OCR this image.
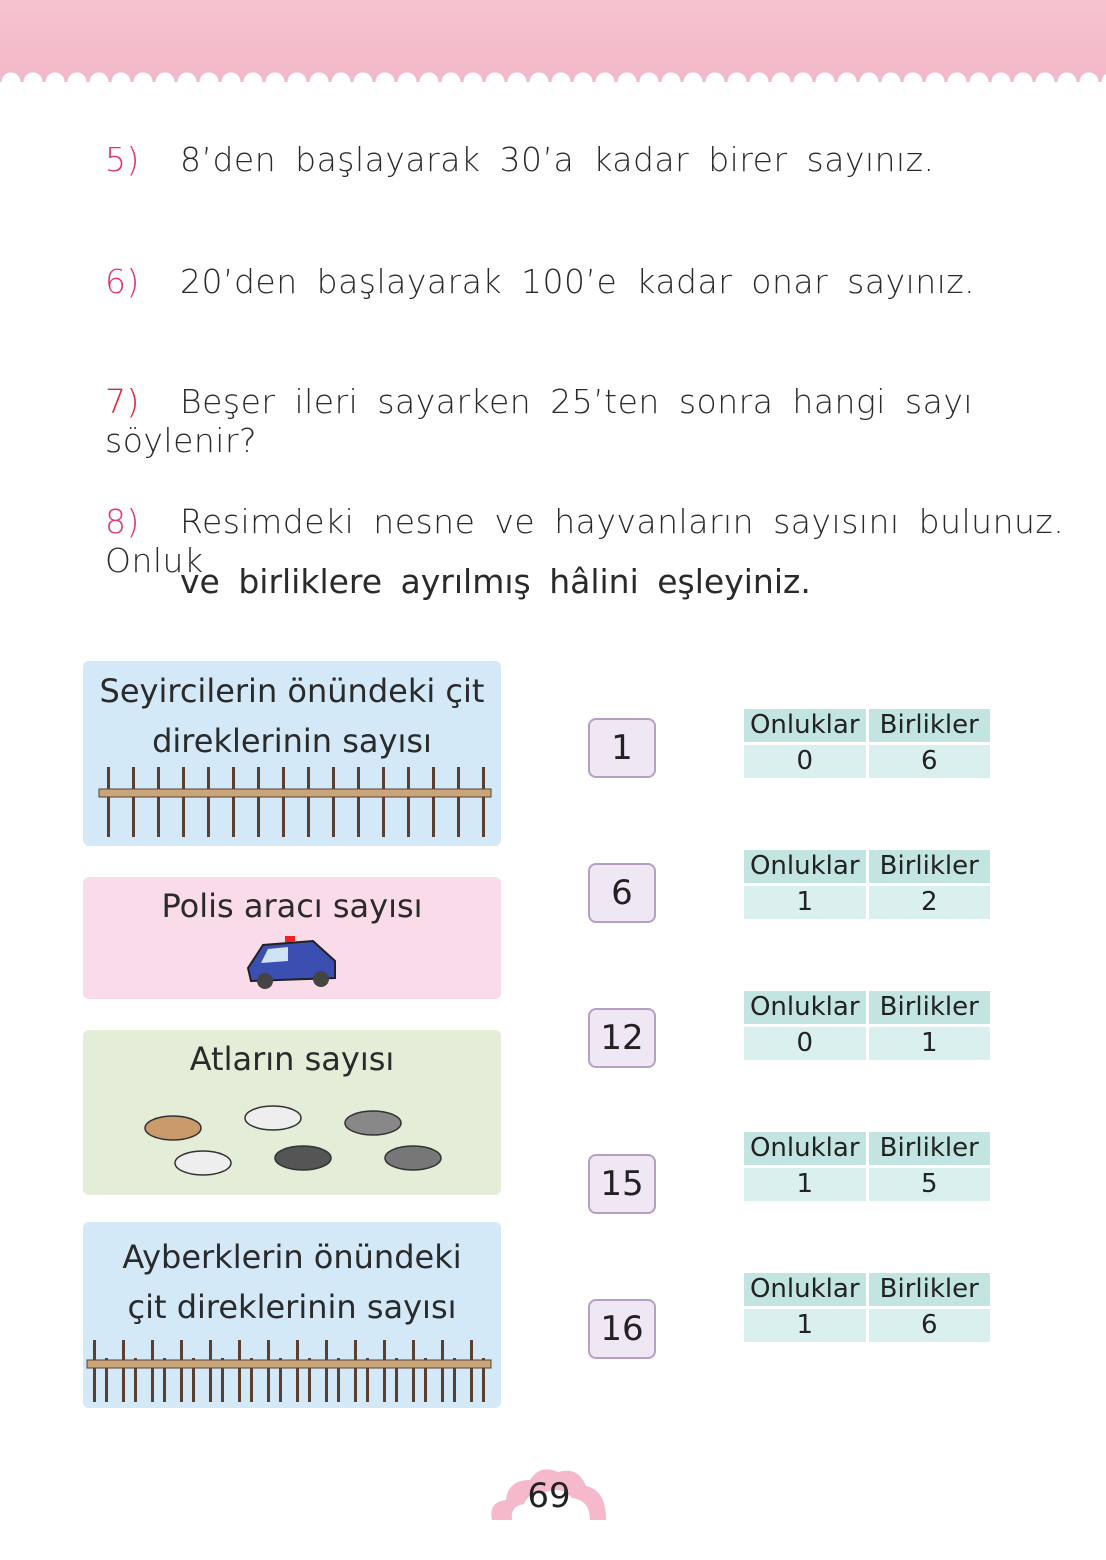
5) 8’den başlayarak 30’a kadar birer sayınız.
6) 20’den başlayarak 100’e kadar onar sayınız.
7) Beşer ileri sayarken 25’ten sonra hangi sayı söylenir?
8) Resimdeki nesne ve hayvanların sayısını bulunuz. Onluk
ve birliklere ayrılmış hâlini eşleyiniz.
Seyircilerin önündeki çit
direklerinin sayısı
Polis aracı sayısı
Atların sayısı
Ayberklerin önündeki
çit direklerinin sayısı
1
6
12
15
16
Onluklar Birlikler
0	6
Onluklar Birlikler
1	2
Onluklar Birlikler
0	1
Onluklar Birlikler
1	5
Onluklar Birlikler
1	6
69
